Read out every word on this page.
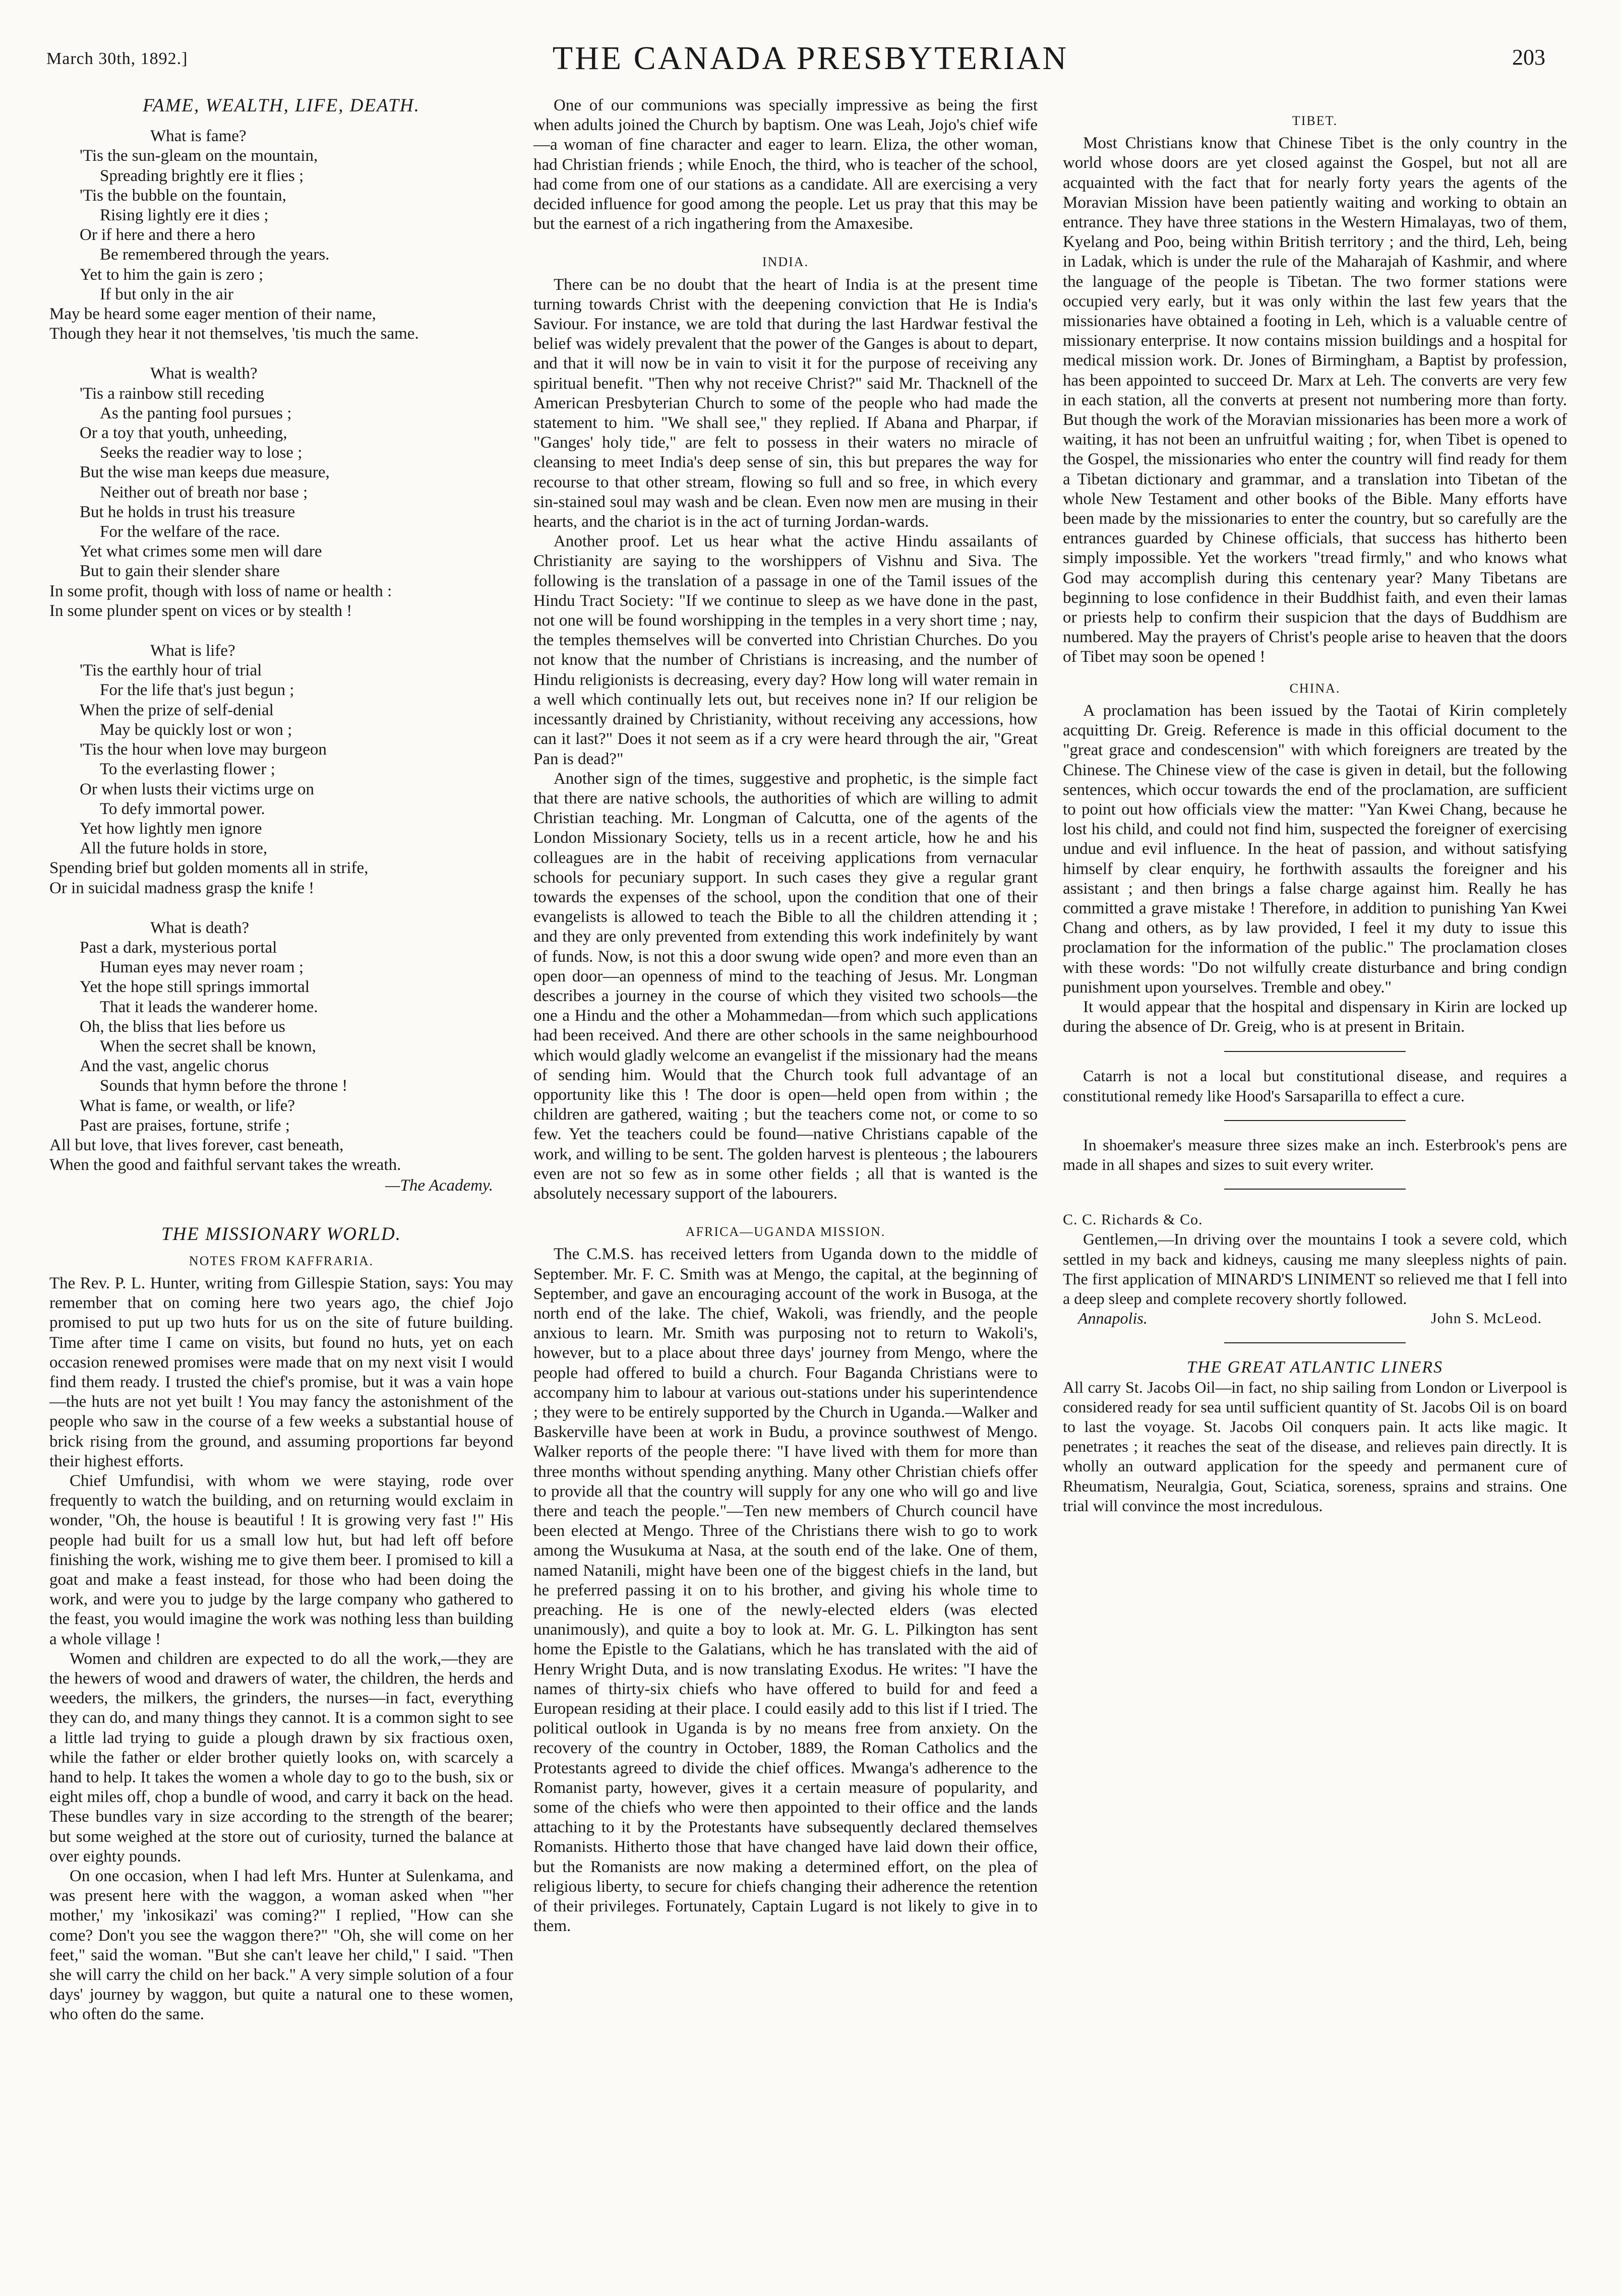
THE CANADA PRESBYTERIAN
March 30th, 1892.]	203
FAME, WEALTH, LIFE, DEATH.
What is fame?
'Tis the sun-gleam on the mountain,
Spreading brightly ere it flies ;
'Tis the bubble on the fountain,
Rising lightly ere it dies ;
Or if here and there a hero
Be remembered through the years.
Yet to him the gain is zero ;
If but only in the air
May be heard some eager mention of their name,
Though they hear it not themselves, 'tis much the same.
What is wealth?
'Tis a rainbow still receding
As the panting fool pursues ;
Or a toy that youth, unheeding,
Seeks the readier way to lose ;
But the wise man keeps due measure,
Neither out of breath nor base ;
But he holds in trust his treasure
For the welfare of the race.
Yet what crimes some men will dare
But to gain their slender share
In some profit, though with loss of name or health :
In some plunder spent on vices or by stealth !
What is life?
'Tis the earthly hour of trial
For the life that's just begun ;
When the prize of self-denial
May be quickly lost or won ;
'Tis the hour when love may burgeon
To the everlasting flower ;
Or when lusts their victims urge on
To defy immortal power.
Yet how lightly men ignore
All the future holds in store,
Spending brief but golden moments all in strife,
Or in suicidal madness grasp the knife !
What is death?
Past a dark, mysterious portal
Human eyes may never roam ;
Yet the hope still springs immortal
That it leads the wanderer home.
Oh, the bliss that lies before us
When the secret shall be known,
And the vast, angelic chorus
Sounds that hymn before the throne !
What is fame, or wealth, or life?
Past are praises, fortune, strife ;
All but love, that lives forever, cast beneath,
When the good and faithful servant takes the wreath.
—The Academy.
THE MISSIONARY WORLD.
NOTES FROM KAFFRARIA.

The Rev. P. L. Hunter, writing from Gillespie Station, says: You may remember that on coming here two years ago, the chief Jojo promised to put up two huts for us on the site of future building. Time after time I came on visits, but found no huts, yet on each occasion renewed promises were made that on my next visit I would find them ready. I trusted the chief's promise, but it was a vain hope—the huts are not yet built ! You may fancy the astonishment of the people who saw in the course of a few weeks a substantial house of brick rising from the ground, and assuming proportions far beyond their highest efforts.

Chief Umfundisi, with whom we were staying, rode over frequently to watch the building, and on returning would exclaim in wonder, "Oh, the house is beautiful ! It is growing very fast !" His people had built for us a small low hut, but had left off before finishing the work, wishing me to give them beer. I promised to kill a goat and make a feast instead, for those who had been doing the work, and were you to judge by the large company who gathered to the feast, you would imagine the work was nothing less than building a whole village !

Women and children are expected to do all the work,—they are the hewers of wood and drawers of water, the children, the herds and weeders, the milkers, the grinders, the nurses—in fact, everything they can do, and many things they cannot. It is a common sight to see a little lad trying to guide a plough drawn by six fractious oxen, while the father or elder brother quietly looks on, with scarcely a hand to help. It takes the women a whole day to go to the bush, six or eight miles off, chop a bundle of wood, and carry it back on the head. These bundles vary in size according to the strength of the bearer; but some weighed at the store out of curiosity, turned the balance at over eighty pounds.

On one occasion, when I had left Mrs. Hunter at Sulenkama, and was present here with the waggon, a woman asked when "'her mother,' my 'inkosikazi' was coming?" I replied, "How can she come? Don't you see the waggon there?" "Oh, she will come on her feet," said the woman. "But she can't leave her child," I said. "Then she will carry the child on her back." A very simple solution of a four days' journey by waggon, but quite a natural one to these women, who often do the same.

One of our communions was specially impressive as being the first when adults joined the Church by baptism. One was Leah, Jojo's chief wife—a woman of fine character and eager to learn. Eliza, the other woman, had Christian friends ; while Enoch, the third, who is teacher of the school, had come from one of our stations as a candidate. All are exercising a very decided influence for good among the people. Let us pray that this may be but the earnest of a rich ingathering from the Amaxesibe.

INDIA.

There can be no doubt that the heart of India is at the present time turning towards Christ with the deepening conviction that He is India's Saviour. For instance, we are told that during the last Hardwar festival the belief was widely prevalent that the power of the Ganges is about to depart, and that it will now be in vain to visit it for the purpose of receiving any spiritual benefit. "Then why not receive Christ?" said Mr. Thacknell of the American Presbyterian Church to some of the people who had made the statement to him. "We shall see," they replied. If Abana and Pharpar, if "Ganges' holy tide," are felt to possess in their waters no miracle of cleansing to meet India's deep sense of sin, this but prepares the way for recourse to that other stream, flowing so full and so free, in which every sin-stained soul may wash and be clean. Even now men are musing in their hearts, and the chariot is in the act of turning Jordan-wards.

Another proof. Let us hear what the active Hindu assailants of Christianity are saying to the worshippers of Vishnu and Siva. The following is the translation of a passage in one of the Tamil issues of the Hindu Tract Society: "If we continue to sleep as we have done in the past, not one will be found worshipping in the temples in a very short time ; nay, the temples themselves will be converted into Christian Churches. Do you not know that the number of Christians is increasing, and the number of Hindu religionists is decreasing, every day? How long will water remain in a well which continually lets out, but receives none in? If our religion be incessantly drained by Christianity, without receiving any accessions, how can it last?" Does it not seem as if a cry were heard through the air, "Great Pan is dead?"

Another sign of the times, suggestive and prophetic, is the simple fact that there are native schools, the authorities of which are willing to admit Christian teaching. Mr. Longman of Calcutta, one of the agents of the London Missionary Society, tells us in a recent article, how he and his colleagues are in the habit of receiving applications from vernacular schools for pecuniary support. In such cases they give a regular grant towards the expenses of the school, upon the condition that one of their evangelists is allowed to teach the Bible to all the children attending it ; and they are only prevented from extending this work indefinitely by want of funds. Now, is not this a door swung wide open? and more even than an open door—an openness of mind to the teaching of Jesus. Mr. Longman describes a journey in the course of which they visited two schools—the one a Hindu and the other a Mohammedan—from which such applications had been received. And there are other schools in the same neighbourhood which would gladly welcome an evangelist if the missionary had the means of sending him. Would that the Church took full advantage of an opportunity like this ! The door is open—held open from within ; the children are gathered, waiting ; but the teachers come not, or come to so few. Yet the teachers could be found—native Christians capable of the work, and willing to be sent. The golden harvest is plenteous ; the labourers even are not so few as in some other fields ; all that is wanted is the absolutely necessary support of the labourers.

AFRICA—UGANDA MISSION.

The C.M.S. has received letters from Uganda down to the middle of September. Mr. F. C. Smith was at Mengo, the capital, at the beginning of September, and gave an encouraging account of the work in Busoga, at the north end of the lake. The chief, Wakoli, was friendly, and the people anxious to learn. Mr. Smith was purposing not to return to Wakoli's, however, but to a place about three days' journey from Mengo, where the people had offered to build a church. Four Baganda Christians were to accompany him to labour at various out-stations under his superintendence ; they were to be entirely supported by the Church in Uganda.—Walker and Baskerville have been at work in Budu, a province southwest of Mengo. Walker reports of the people there: "I have lived with them for more than three months without spending anything. Many other Christian chiefs offer to provide all that the country will supply for any one who will go and live there and teach the people."—Ten new members of Church council have been elected at Mengo. Three of the Christians there wish to go to work among the Wusukuma at Nasa, at the south end of the lake. One of them, named Natanili, might have been one of the biggest chiefs in the land, but he preferred passing it on to his brother, and giving his whole time to preaching. He is one of the newly-elected elders (was elected unanimously), and quite a boy to look at. Mr. G. L. Pilkington has sent home the Epistle to the Galatians, which he has translated with the aid of Henry Wright Duta, and is now translating Exodus. He writes: "I have the names of thirty-six chiefs who have offered to build for and feed a European residing at their place. I could easily add to this list if I tried. The political outlook in Uganda is by no means free from anxiety. On the recovery of the country in October, 1889, the Roman Catholics and the Protestants agreed to divide the chief offices. Mwanga's adherence to the Romanist party, however, gives it a certain measure of popularity, and some of the chiefs who were then appointed to their office and the lands attaching to it by the Protestants have subsequently declared themselves Romanists. Hitherto those that have changed have laid down their office, but the Romanists are now making a determined effort, on the plea of religious liberty, to secure for chiefs changing their adherence the retention of their privileges. Fortunately, Captain Lugard is not likely to give in to them.

TIBET.

Most Christians know that Chinese Tibet is the only country in the world whose doors are yet closed against the Gospel, but not all are acquainted with the fact that for nearly forty years the agents of the Moravian Mission have been patiently waiting and working to obtain an entrance. They have three stations in the Western Himalayas, two of them, Kyelang and Poo, being within British territory ; and the third, Leh, being in Ladak, which is under the rule of the Maharajah of Kashmir, and where the language of the people is Tibetan. The two former stations were occupied very early, but it was only within the last few years that the missionaries have obtained a footing in Leh, which is a valuable centre of missionary enterprise. It now contains mission buildings and a hospital for medical mission work. Dr. Jones of Birmingham, a Baptist by profession, has been appointed to succeed Dr. Marx at Leh. The converts are very few in each station, all the converts at present not numbering more than forty. But though the work of the Moravian missionaries has been more a work of waiting, it has not been an unfruitful waiting ; for, when Tibet is opened to the Gospel, the missionaries who enter the country will find ready for them a Tibetan dictionary and grammar, and a translation into Tibetan of the whole New Testament and other books of the Bible. Many efforts have been made by the missionaries to enter the country, but so carefully are the entrances guarded by Chinese officials, that success has hitherto been simply impossible. Yet the workers "tread firmly," and who knows what God may accomplish during this centenary year? Many Tibetans are beginning to lose confidence in their Buddhist faith, and even their lamas or priests help to confirm their suspicion that the days of Buddhism are numbered. May the prayers of Christ's people arise to heaven that the doors of Tibet may soon be opened !

CHINA.

A proclamation has been issued by the Taotai of Kirin completely acquitting Dr. Greig. Reference is made in this official document to the "great grace and condescension" with which foreigners are treated by the Chinese. The Chinese view of the case is given in detail, but the following sentences, which occur towards the end of the proclamation, are sufficient to point out how officials view the matter: "Yan Kwei Chang, because he lost his child, and could not find him, suspected the foreigner of exercising undue and evil influence. In the heat of passion, and without satisfying himself by clear enquiry, he forthwith assaults the foreigner and his assistant ; and then brings a false charge against him. Really he has committed a grave mistake ! Therefore, in addition to punishing Yan Kwei Chang and others, as by law provided, I feel it my duty to issue this proclamation for the information of the public." The proclamation closes with these words: "Do not wilfully create disturbance and bring condign punishment upon yourselves. Tremble and obey."

It would appear that the hospital and dispensary in Kirin are locked up during the absence of Dr. Greig, who is at present in Britain.

Catarrh is not a local but constitutional disease, and requires a constitutional remedy like Hood's Sarsaparilla to effect a cure.

In shoemaker's measure three sizes make an inch. Esterbrook's pens are made in all shapes and sizes to suit every writer.

C. C. Richards & Co.

Gentlemen,—In driving over the mountains I took a severe cold, which settled in my back and kidneys, causing me many sleepless nights of pain. The first application of MINARD'S LINIMENT so relieved me that I fell into a deep sleep and complete recovery shortly followed.

Annapolis.	John S. McLeod.
THE GREAT ATLANTIC LINERS

All carry St. Jacobs Oil—in fact, no ship sailing from London or Liverpool is considered ready for sea until sufficient quantity of St. Jacobs Oil is on board to last the voyage. St. Jacobs Oil conquers pain. It acts like magic. It penetrates ; it reaches the seat of the disease, and relieves pain directly. It is wholly an outward application for the speedy and permanent cure of Rheumatism, Neuralgia, Gout, Sciatica, soreness, sprains and strains. One trial will convince the most incredulous.
